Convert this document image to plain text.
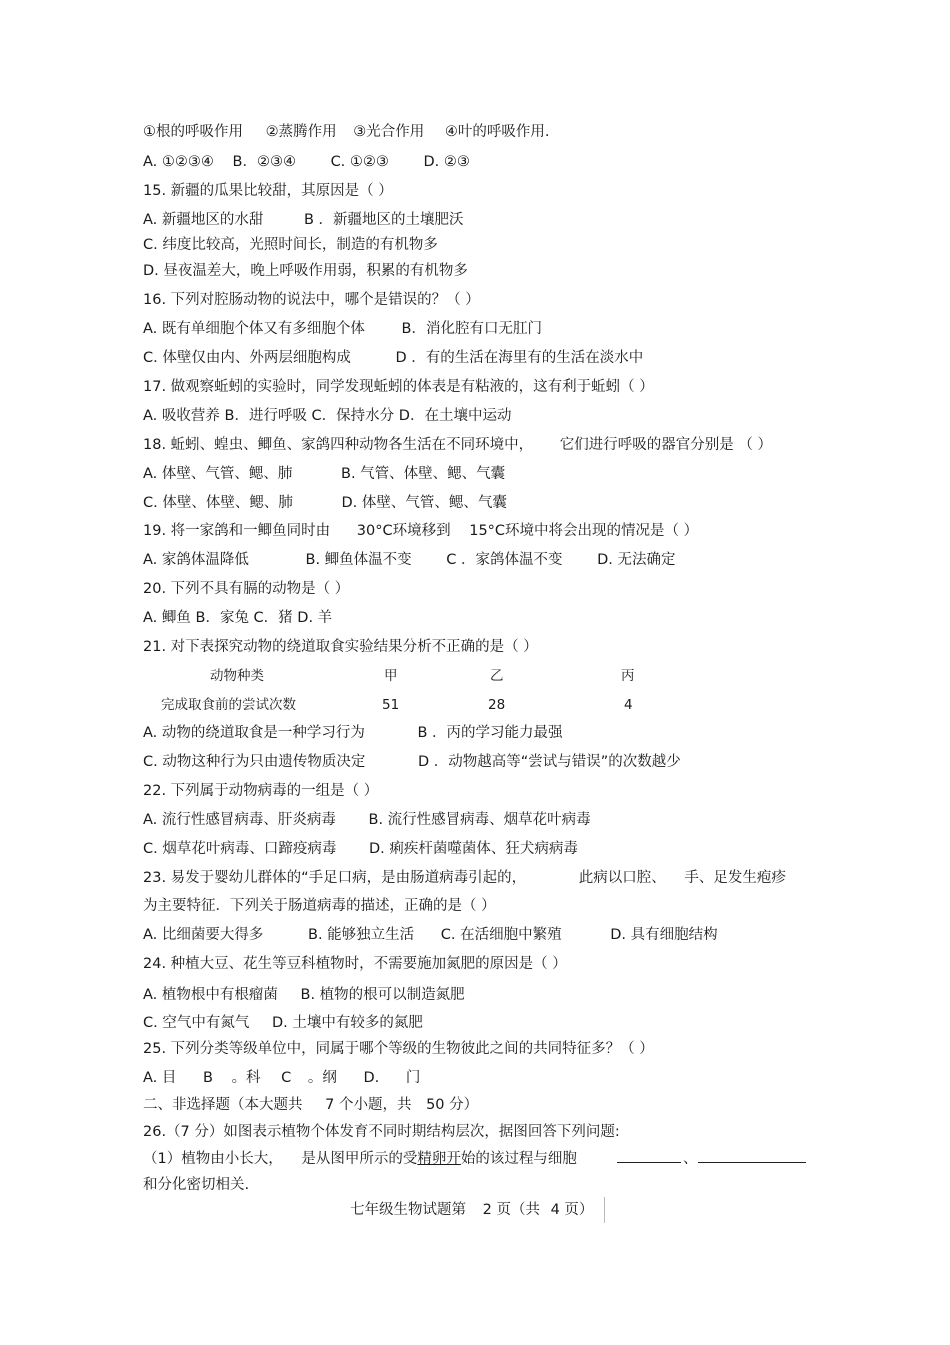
①根的呼吸作用 ②蒸腾作用 ③光合作用 ④叶的呼吸作用.
A. ①②③④ B．②③④ C. ①②③ D. ②③
15. 新疆的瓜果比较甜，其原因是（ ）
A. 新疆地区的水甜	B ．新疆地区的土壤肥沃
C. 纬度比较高，光照时间长，制造的有机物多
D. 昼夜温差大，晚上呼吸作用弱，积累的有机物多
16. 下列对腔肠动物的说法中，哪个是错误的？（ ）
A. 既有单细胞个体又有多细胞个体	B．消化腔有口无肛门
C. 体壁仅由内、外两层细胞构成	D ．有的生活在海里有的生活在淡水中
17. 做观察蚯蚓的实验时，同学发现蚯蚓的体表是有粘液的，这有利于蚯蚓（ ）
A. 吸收营养 B．进行呼吸 C．保持水分 D．在土壤中运动
18. 蚯蚓、蝗虫、鲫鱼、家鸽四种动物各生活在不同环境中， 它们进行呼吸的器官分别是 （ ）
A. 体壁、气管、鳃、肺	B. 气管、体壁、鳃、气囊
C. 体壁、体壁、鳃、肺	D. 体壁、气管、鳃、气囊
19. 将一家鸽和一鲫鱼同时由 30°C环境移到 15°C环境中将会出现的情况是（ ）
A. 家鸽体温降低	B. 鲫鱼体温不变 C ．家鸽体温不变 D. 无法确定
20. 下列不具有膈的动物是（ ）
A. 鲫鱼 B．家兔 C．猪 D. 羊
21. 对下表探究动物的绕道取食实验结果分析不正确的是（ ）
动物种类	甲	乙	丙
完成取食前的尝试次数	51	28	4
A. 动物的绕道取食是一种学习行为	B ．丙的学习能力最强
C. 动物这种行为只由遗传物质决定	D ．动物越高等“尝试与错误”的次数越少
22. 下列属于动物病毒的一组是（ ）
A. 流行性感冒病毒、肝炎病毒 B. 流行性感冒病毒、烟草花叶病毒
C. 烟草花叶病毒、口蹄疫病毒 D. 痢疾杆菌噬菌体、狂犬病病毒
23. 易发于婴幼儿群体的“手足口病，是由肠道病毒引起的，	此病以口腔、 手、足发生疱疹
为主要特征．下列关于肠道病毒的描述，正确的是（ ）
A. 比细菌要大得多	B. 能够独立生活 C. 在活细胞中繁殖	D. 具有细胞结构
24. 种植大豆、花生等豆科植物时，不需要施加氮肥的原因是（ ）
A. 植物根中有根瘤菌 B. 植物的根可以制造氮肥
C. 空气中有氮气 D. 土壤中有较多的氮肥
25. 下列分类等级单位中，同属于哪个等级的生物彼此之间的共同特征多？（ ）
A. 目 B 。科 C 。纲 D. 门
二、非选择题（本大题共 7 个小题，共 50 分）
26.（7 分）如图表示植物个体发育不同时期结构层次，据图回答下列问题:
（1）植物由小长大， 是从图甲所示的受精卵开始的该过程与细胞	、
和分化密切相关.
七年级生物试题第 2 页（共 4 页）
